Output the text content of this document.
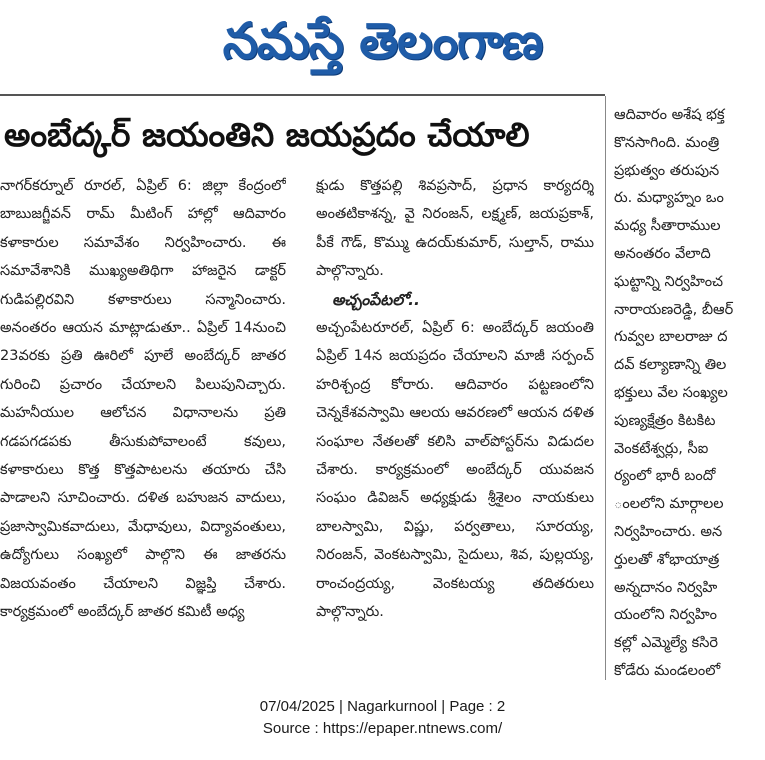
నమస్తే తెలంగాణ
అంబేద్కర్ జయంతిని జయప్రదం చేయాలి

నాగర్‌కర్నూల్ రూరల్, ఏప్రిల్ 6: జిల్లా కేంద్రంలో బాబుజగ్జీవన్ రామ్ మీటింగ్ హాల్లో ఆదివారం కళాకారుల సమావేశం నిర్వహించారు. ఈ సమావేశానికి ముఖ్యఅతిథిగా హాజరైన డాక్టర్ గుడిపల్లిరవిని కళాకారులు సన్మానించారు. అనంతరం ఆయన మాట్లాడుతూ.. ఏప్రిల్ 14నుంచి 23వరకు ప్రతి ఊరిలో పూలే అంబేద్కర్ జాతర గురించి ప్రచారం చేయాలని పిలుపునిచ్చారు. మహనీయుల ఆలోచన విధానాలను ప్రతి గడపగడపకు తీసుకుపోవాలంటే కవులు, కళాకారులు కొత్త కొత్తపాటలను తయారు చేసి పాడాలని సూచించారు. దళిత బహుజన వాదులు, ప్రజాస్వామికవాదులు, మేధావులు, విద్యావంతులు, ఉద్యోగులు సంఖ్యలో పాల్గొని ఈ జాతరను విజయవంతం చేయాలని విజ్ఞప్తి చేశారు. కార్యక్రమంలో అంబేద్కర్ జాతర కమిటీ అధ్య

క్షుడు కొత్తపల్లి శివప్రసాద్, ప్రధాన కార్యదర్శి అంతటికాశన్న, వై నిరంజన్, లక్ష్మణ్, జయప్రకాశ్, పీకే గౌడ్, కొమ్ము ఉదయ్‌కుమార్, సుల్తాన్, రాము పాల్గొన్నారు.

అచ్చంపేటలో..

అచ్చంపేటరూరల్, ఏప్రిల్ 6: అంబేద్కర్ జయంతి ఏప్రిల్ 14న జయప్రదం చేయాలని మాజీ సర్పంచ్ హరిశ్చంద్ర కోరారు. ఆదివారం పట్టణంలోని చెన్నకేశవస్వామి ఆలయ ఆవరణలో ఆయన దళిత సంఘాల నేతలతో కలిసి వాల్‌పోస్టర్‌ను విడుదల చేశారు. కార్యక్రమంలో అంబేద్కర్ యువజన సంఘం డివిజన్ అధ్యక్షుడు శ్రీశైలం నాయకులు బాలస్వామి, విష్ణు, పర్వతాలు, సూరయ్య, నిరంజన్, వెంకటస్వామి, సైదులు, శివ, పుల్లయ్య, రాంచంద్రయ్య, వెంకటయ్య తదితరులు పాల్గొన్నారు.

ఆదివారం అశేష భక్త

కొనసాగింది. మంత్రి

ప్రభుత్వం తరుపున

రు. మధ్యాహ్నం ఒం

మధ్య సీతారాముల

అనంతరం వేలాది

ఘట్టాన్ని నిర్వహించ

నారాయణరెడ్డి, బీఆర్

గువ్వల బాలరాజు ద

దవ్ కల్యాణాన్ని తిల

భక్తులు వేల సంఖ్యల

పుణ్యక్షేత్రం కిటకిట

వెంకటేశ్వర్లు, సీఐ

ర్యంలో భారీ బందో

ంలలోని మార్గాలల

నిర్వహించారు. అన

ర్తులతో శోభాయాత్ర

అన్నదానం నిర్వహి

యంలోని నిర్వహిం

కల్లో ఎమ్మెల్యే కసిరె

కోడేరు మండలంలో

07/04/2025 | Nagarkurnool | Page : 2
Source : https://epaper.ntnews.com/
